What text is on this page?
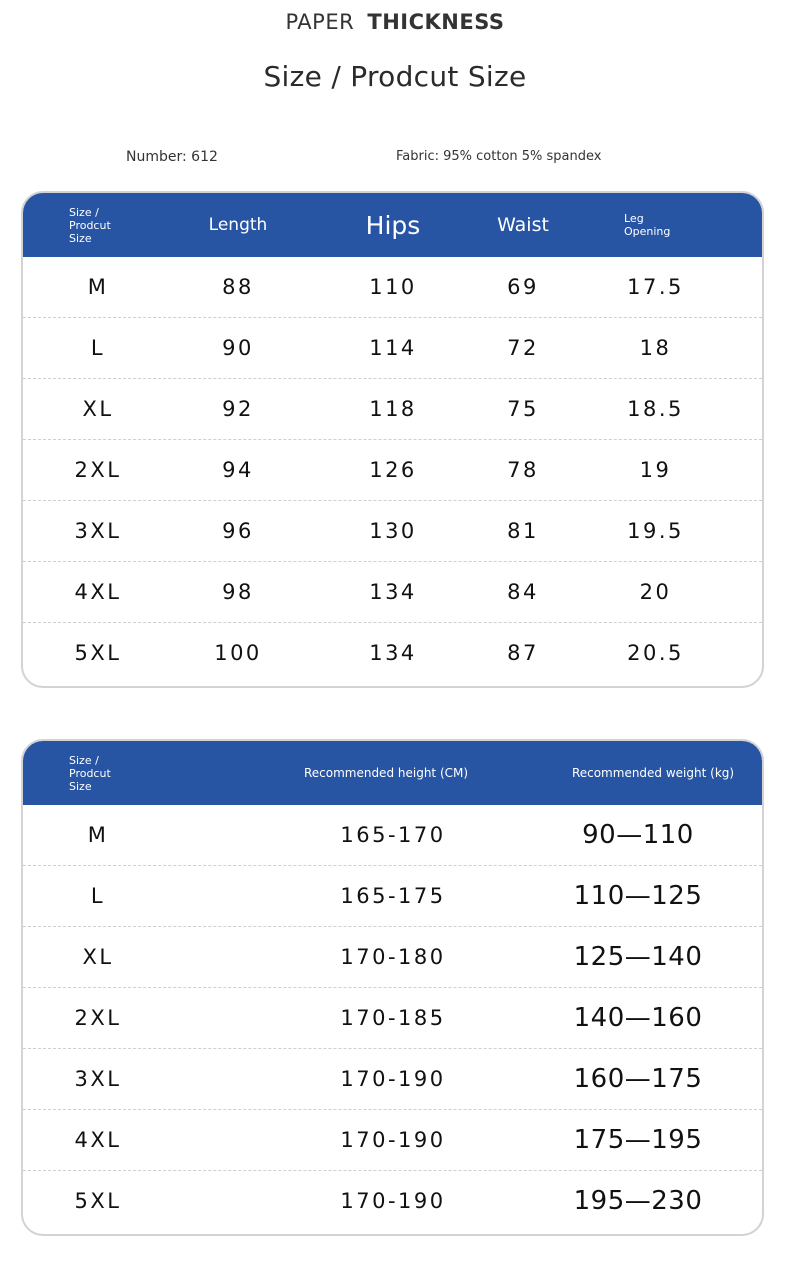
PAPER THICKNESS
Size / Prodcut Size
Number: 612	Fabric: 95% cotton 5% spandex
Size /
Prodcut
Size
Length	Hips	Waist	Leg
Opening
M	88	110	69	17.5
L	90	114	72	18
XL	92	118	75	18.5
2XL	94	126	78	19
3XL	96	130	81	19.5
4XL	98	134	84	20
5XL	100	134	87	20.5
Size /
Prodcut
Size
Recommended height (CM)	Recommended weight (kg)
M	165-170	90—110
L	165-175	110—125
XL	170-180	125—140
2XL	170-185	140—160
3XL	170-190	160—175
4XL	170-190	175—195
5XL	170-190	195—230
